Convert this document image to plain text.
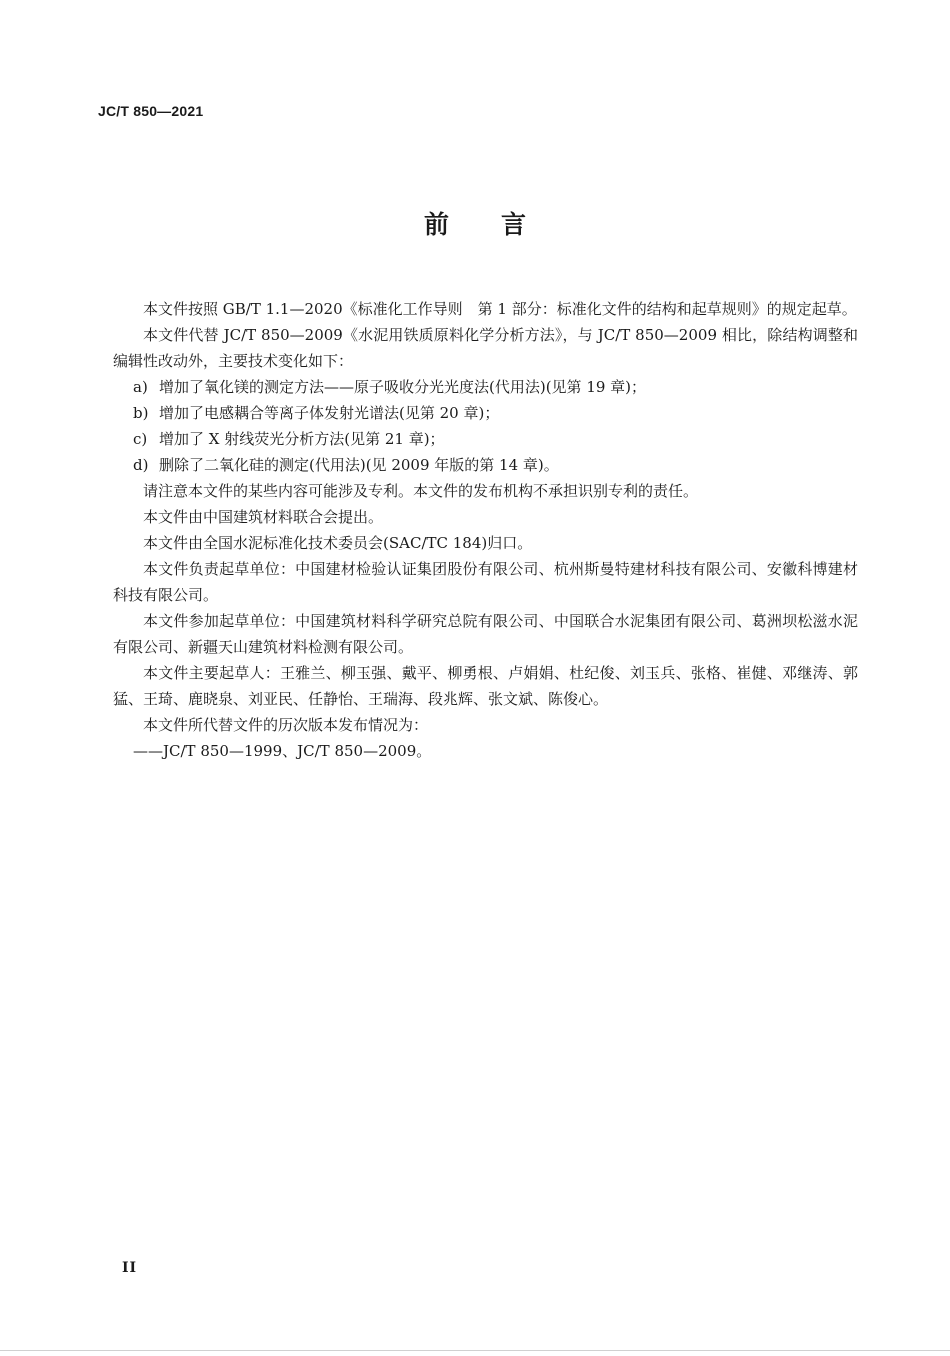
JC/T 850—2021
前 言

本文件按照 GB/T 1.1—2020《标准化工作导则　第 1 部分：标准化文件的结构和起草规则》的规定起草。

本文件代替 JC/T 850—2009《水泥用铁质原料化学分析方法》，与 JC/T 850—2009 相比，除结构调整和编辑性改动外，主要技术变化如下：

a) 增加了氧化镁的测定方法——原子吸收分光光度法(代用法)(见第 19 章)；

b) 增加了电感耦合等离子体发射光谱法(见第 20 章)；

c) 增加了 X 射线荧光分析方法(见第 21 章)；

d) 删除了二氧化硅的测定(代用法)(见 2009 年版的第 14 章)。

请注意本文件的某些内容可能涉及专利。本文件的发布机构不承担识别专利的责任。

本文件由中国建筑材料联合会提出。

本文件由全国水泥标准化技术委员会(SAC/TC 184)归口。

本文件负责起草单位：中国建材检验认证集团股份有限公司、杭州斯曼特建材科技有限公司、安徽科博建材科技有限公司。

本文件参加起草单位：中国建筑材料科学研究总院有限公司、中国联合水泥集团有限公司、葛洲坝松滋水泥有限公司、新疆天山建筑材料检测有限公司。

本文件主要起草人：王雅兰、柳玉强、戴平、柳勇根、卢娟娟、杜纪俊、刘玉兵、张格、崔健、邓继涛、郭猛、王琦、鹿晓泉、刘亚民、任静怡、王瑞海、段兆辉、张文斌、陈俊心。

本文件所代替文件的历次版本发布情况为：

——JC/T 850—1999、JC/T 850—2009。

II
